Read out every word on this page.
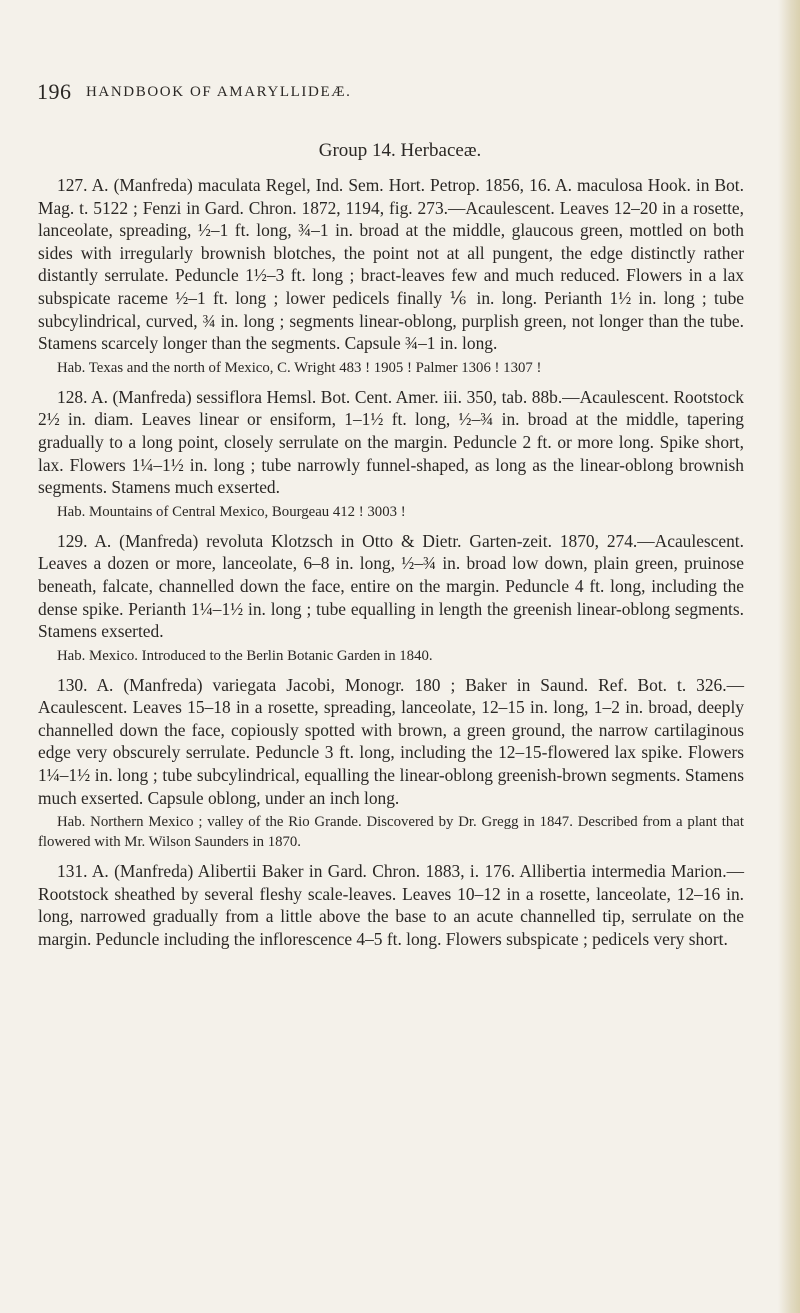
196 HANDBOOK OF AMARYLLIDEÆ.
Group 14. Herbaceæ.

127. A. (Manfreda) maculata Regel, Ind. Sem. Hort. Petrop. 1856, 16. A. maculosa Hook. in Bot. Mag. t. 5122 ; Fenzi in Gard. Chron. 1872, 1194, fig. 273.—Acaulescent. Leaves 12–20 in a rosette, lanceolate, spreading, ½–1 ft. long, ¾–1 in. broad at the middle, glaucous green, mottled on both sides with irregularly brownish blotches, the point not at all pungent, the edge distinctly rather distantly serrulate. Peduncle 1½–3 ft. long ; bract-leaves few and much reduced. Flowers in a lax subspicate raceme ½–1 ft. long ; lower pedicels finally ⅙ in. long. Perianth 1½ in. long ; tube subcylindrical, curved, ¾ in. long ; segments linear-oblong, purplish green, not longer than the tube. Stamens scarcely longer than the segments. Capsule ¾–1 in. long.

Hab. Texas and the north of Mexico, C. Wright 483 ! 1905 ! Palmer 1306 ! 1307 !

128. A. (Manfreda) sessiflora Hemsl. Bot. Cent. Amer. iii. 350, tab. 88b.—Acaulescent. Rootstock 2½ in. diam. Leaves linear or ensiform, 1–1½ ft. long, ½–¾ in. broad at the middle, tapering gradually to a long point, closely serrulate on the margin. Peduncle 2 ft. or more long. Spike short, lax. Flowers 1¼–1½ in. long ; tube narrowly funnel-shaped, as long as the linear-oblong brownish segments. Stamens much exserted.

Hab. Mountains of Central Mexico, Bourgeau 412 ! 3003 !

129. A. (Manfreda) revoluta Klotzsch in Otto & Dietr. Garten-zeit. 1870, 274.—Acaulescent. Leaves a dozen or more, lanceolate, 6–8 in. long, ½–¾ in. broad low down, plain green, pruinose beneath, falcate, channelled down the face, entire on the margin. Peduncle 4 ft. long, including the dense spike. Perianth 1¼–1½ in. long ; tube equalling in length the greenish linear-oblong segments. Stamens exserted.

Hab. Mexico. Introduced to the Berlin Botanic Garden in 1840.

130. A. (Manfreda) variegata Jacobi, Monogr. 180 ; Baker in Saund. Ref. Bot. t. 326.—Acaulescent. Leaves 15–18 in a rosette, spreading, lanceolate, 12–15 in. long, 1–2 in. broad, deeply channelled down the face, copiously spotted with brown, a green ground, the narrow cartilaginous edge very obscurely serrulate. Peduncle 3 ft. long, including the 12–15-flowered lax spike. Flowers 1¼–1½ in. long ; tube subcylindrical, equalling the linear-oblong greenish-brown segments. Stamens much exserted. Capsule oblong, under an inch long.

Hab. Northern Mexico ; valley of the Rio Grande. Discovered by Dr. Gregg in 1847. Described from a plant that flowered with Mr. Wilson Saunders in 1870.

131. A. (Manfreda) Alibertii Baker in Gard. Chron. 1883, i. 176. Allibertia intermedia Marion.—Rootstock sheathed by several fleshy scale-leaves. Leaves 10–12 in a rosette, lanceolate, 12–16 in. long, narrowed gradually from a little above the base to an acute channelled tip, serrulate on the margin. Peduncle including the inflorescence 4–5 ft. long. Flowers subspicate ; pedicels very short.
